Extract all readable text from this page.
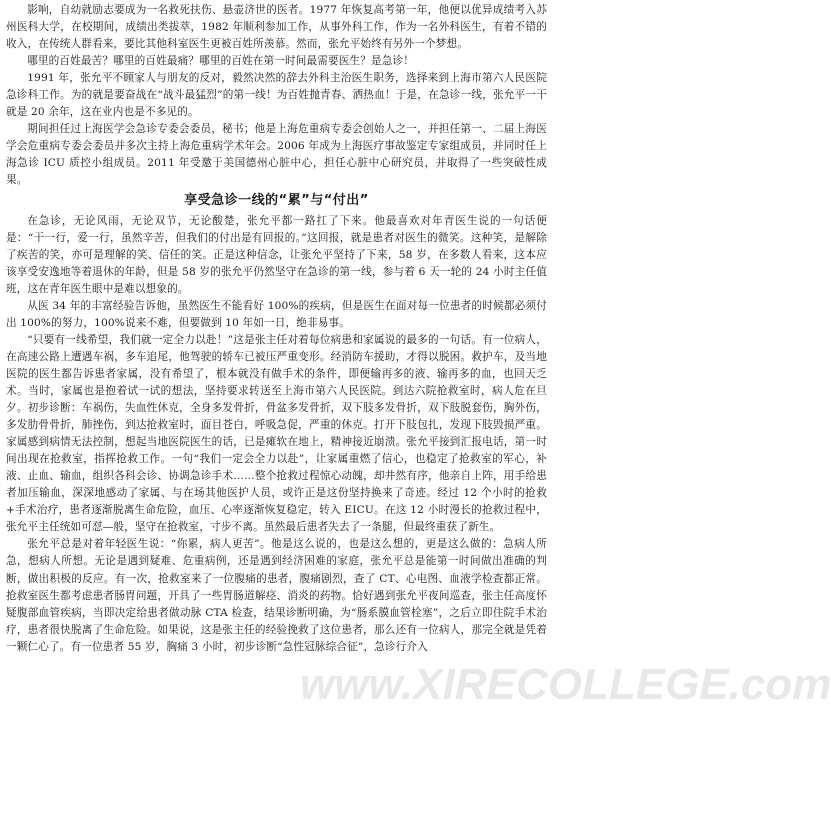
影响，自幼就励志要成为一名救死扶伤、悬壶济世的医者。1977 年恢复高考第一年，他便以优异成绩考入苏州医科大学，在校期间，成绩出类拔萃，1982 年顺利参加工作，从事外科工作，作为一名外科医生，有着不错的收入，在传统人群看来，要比其他科室医生更被百姓所羡慕。然而，张允平始终有另外一个梦想。

哪里的百姓最苦？哪里的百姓最痛？哪里的百姓在第一时间最需要医生？是急诊！

1991 年，张允平不顾家人与朋友的反对，毅然决然的辞去外科主治医生职务，选择来到上海市第六人民医院急诊科工作。为的就是要奋战在“战斗最猛烈”的第一线！为百姓抛青春、洒热血！于是，在急诊一线，张允平一干就是 20 余年，这在业内也是不多见的。

期间担任过上海医学会急诊专委会委员，秘书；他是上海危重病专委会创始人之一，并担任第一、二届上海医学会危重病专委会委员并多次主持上海危重病学术年会。2006 年成为上海医疗事故鉴定专家组成员，并同时任上海急诊 ICU 质控小组成员。2011 年受邀于美国德州心脏中心，担任心脏中心研究员，并取得了一些突破性成果。

享受急诊一线的“累”与“付出”

在急诊，无论风雨，无论双节，无论酸楚，张允平都一路扛了下来。他最喜欢对年青医生说的一句话便是：“干一行，爱一行，虽然辛苦，但我们的付出是有回报的。”这回报，就是患者对医生的微笑。这种笑，是解除了疾苦的笑，亦可是理解的笑、信任的笑。正是这种信念，让张允平坚持了下来，58 岁，在多数人看来，这本应该享受安逸地等着退休的年龄，但是 58 岁的张允平仍然坚守在急诊的第一线，参与着 6 天一轮的 24 小时主任值班，这在青年医生眼中是难以想象的。

从医 34 年的丰富经验告诉他，虽然医生不能看好 100%的疾病，但是医生在面对每一位患者的时候都必须付出 100%的努力，100%说来不难，但要做到 10 年如一日，绝非易事。

“只要有一线希望，我们就一定全力以赴！”这是张主任对着每位病患和家属说的最多的一句话。有一位病人，在高速公路上遭遇车祸，多车追尾，他驾驶的轿车已被压严重变形。经消防车援助，才得以脱困。救护车，及当地医院的医生都告诉患者家属，没有希望了，根本就没有做手术的条件，即便输再多的液、输再多的血，也回天乏术。当时，家属也是抱着试一试的想法，坚持要求转送至上海市第六人民医院。到达六院抢救室时，病人危在旦夕。初步诊断：车祸伤，失血性休克，全身多发骨折，骨盆多发骨折，双下肢多发骨折，双下肢脱套伤，胸外伤，多发肋骨骨折，肺挫伤，到达抢救室时，面目苍白，呼吸急促，严重的休克。打开下肢包扎，发现下肢毁损严重。家属感到病情无法控制，想起当地医院医生的话，已是瘫软在地上，精神接近崩溃。张允平接到汇报电话，第一时间出现在抢救室，指挥抢救工作。一句“我们一定会全力以赴”，让家属重燃了信心，也稳定了抢救室的军心，补液、止血、输血，组织各科会诊、协调急诊手术……整个抢救过程惊心动魄，却井然有序，他亲自上阵，用手给患者加压输血，深深地感动了家属、与在场其他医护人员，或许正是这份坚持换来了奇迹。经过 12 个小时的抢救+手术治疗，患者逐渐脱离生命危险，血压、心率逐渐恢复稳定，转入 EICU。在这 12 小时漫长的抢救过程中，张允平主任统如可怼—般，坚守在抢救室，寸步不离。虽然最后患者失去了一条腿，但最终重获了新生。

张允平总是对着年轻医生说：“你累，病人更苦”。他是这么说的，也是这么想的，更是这么做的：急病人所急，想病人所想。无论是遇到疑难、危重病例，还是遇到经济困难的家庭，张允平总是能第一时间做出准确的判断，做出积极的反应。有一次，抢救室来了一位腹痛的患者，腹痛剧烈，查了 CT、心电图、血液学检查都正常。抢救室医生都考虑患者肠胃问题，开具了一些胃肠道解痉、消炎的药物。恰好遇到张允平夜间巡查，张主任高度怀疑腹部血管疾病，当即决定给患者做动脉 CTA 检查，结果诊断明确，为“肠系膜血管栓塞”，之后立即住院手术治疗，患者很快脱离了生命危险。如果说，这是张主任的经验挽救了这位患者，那么还有一位病人，那完全就是凭着一颗仁心了。有一位患者 55 岁，胸痛 3 小时，初步诊断“急性冠脉综合征”，急诊行介入

www.XIRECOLLEGE.com
